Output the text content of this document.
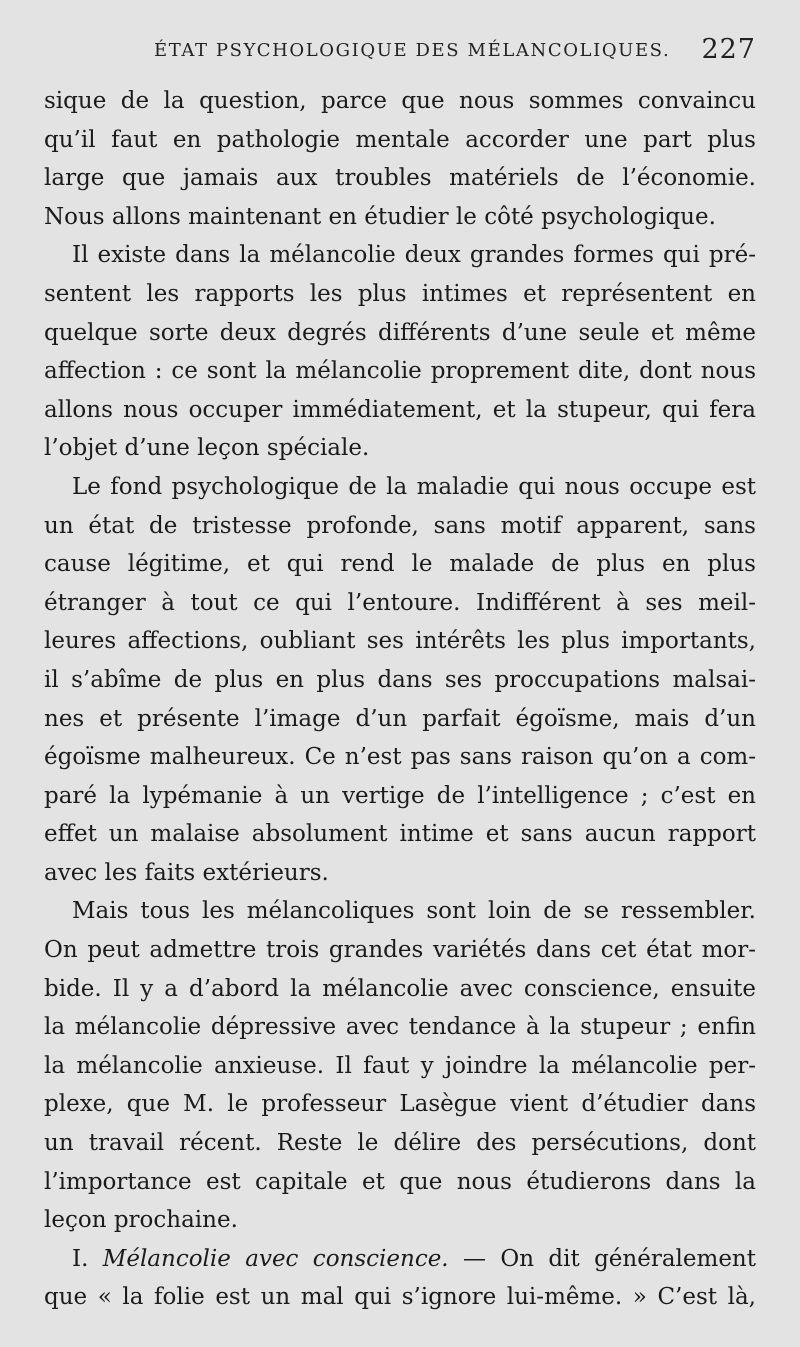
ÉTAT PSYCHOLOGIQUE DES MÉLANCOLIQUES. 227

sique de la question, parce que nous sommes convaincu
qu’il faut en pathologie mentale accorder une part plus
large que jamais aux troubles matériels de l’économie.
Nous allons maintenant en étudier le côté psychologique.

Il existe dans la mélancolie deux grandes formes qui pré-
sentent les rapports les plus intimes et représentent en
quelque sorte deux degrés différents d’une seule et même
affection : ce sont la mélancolie proprement dite, dont nous
allons nous occuper immédiatement, et la stupeur, qui fera
l’objet d’une leçon spéciale.

Le fond psychologique de la maladie qui nous occupe est
un état de tristesse profonde, sans motif apparent, sans
cause légitime, et qui rend le malade de plus en plus
étranger à tout ce qui l’entoure. Indifférent à ses meil-
leures affections, oubliant ses intérêts les plus importants,
il s’abîme de plus en plus dans ses proccupations malsai-
nes et présente l’image d’un parfait égoïsme, mais d’un
égoïsme malheureux. Ce n’est pas sans raison qu’on a com-
paré la lypémanie à un vertige de l’intelligence ; c’est en
effet un malaise absolument intime et sans aucun rapport
avec les faits extérieurs.

Mais tous les mélancoliques sont loin de se ressembler.
On peut admettre trois grandes variétés dans cet état mor-
bide. Il y a d’abord la mélancolie avec conscience, ensuite
la mélancolie dépressive avec tendance à la stupeur ; enfin
la mélancolie anxieuse. Il faut y joindre la mélancolie per-
plexe, que M. le professeur Lasègue vient d’étudier dans
un travail récent. Reste le délire des persécutions, dont
l’importance est capitale et que nous étudierons dans la
leçon prochaine.

I. Mélancolie avec conscience. — On dit généralement
que « la folie est un mal qui s’ignore lui-même. » C’est là,
